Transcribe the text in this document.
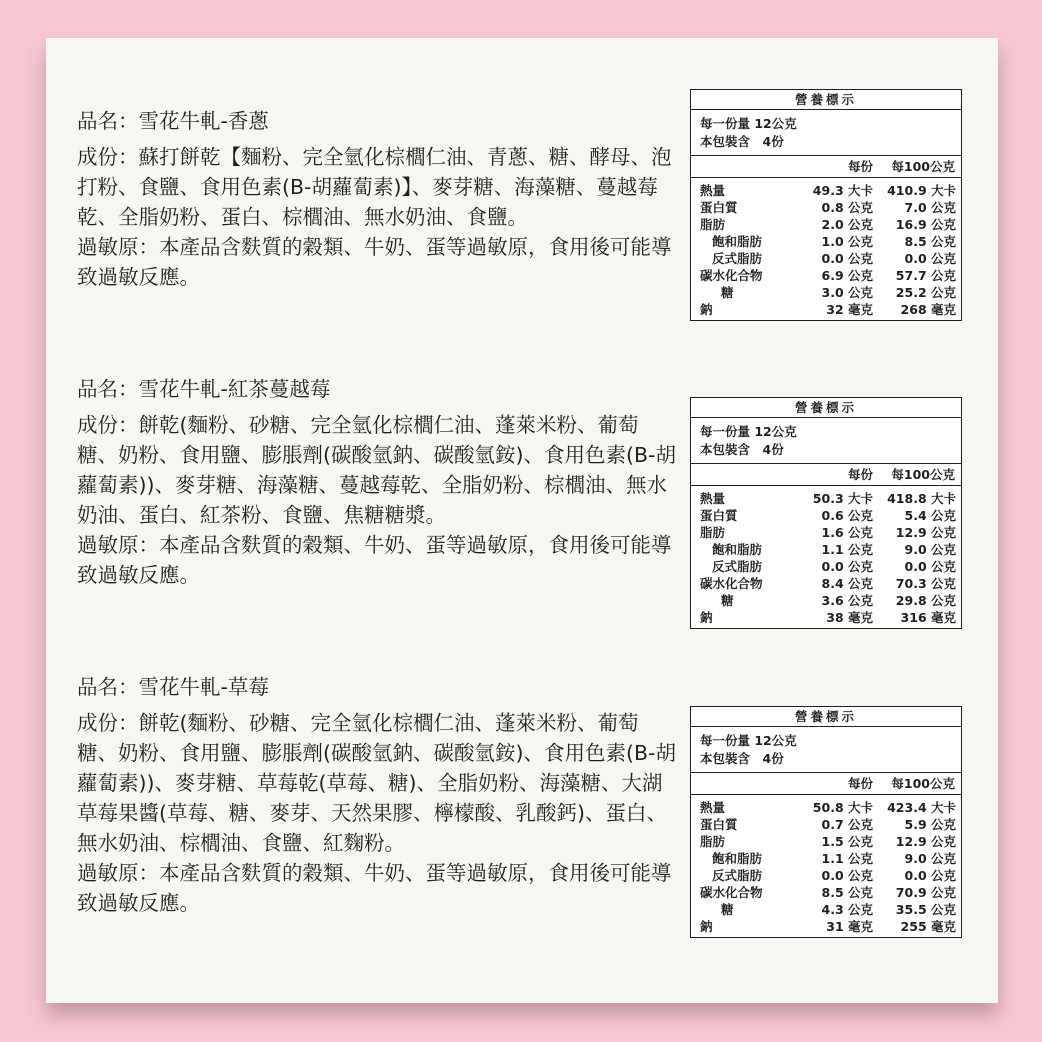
品名：雪花牛軋-香蔥

成份：蘇打餅乾【麵粉、完全氫化棕櫚仁油、青蔥、糖、酵母、泡打粉、食鹽、食用色素(B-胡蘿蔔素)】、麥芽糖、海藻糖、蔓越莓乾、全脂奶粉、蛋白、棕櫚油、無水奶油、食鹽。

過敏原：本產品含麩質的穀類、牛奶、蛋等過敏原，食用後可能導致過敏反應。

營養標示
每一份量 12公克
本包裝含　4份
每份	每100公克
熱量	49.3 大卡	410.9 大卡
蛋白質	0.8 公克	7.0 公克
脂肪	2.0 公克	16.9 公克
飽和脂肪	1.0 公克	8.5 公克
反式脂肪	0.0 公克	0.0 公克
碳水化合物	6.9 公克	57.7 公克
糖	3.0 公克	25.2 公克
鈉	32 毫克	268 毫克

品名：雪花牛軋-紅茶蔓越莓

成份：餅乾(麵粉、砂糖、完全氫化棕櫚仁油、蓬萊米粉、葡萄糖、奶粉、食用鹽、膨脹劑(碳酸氫鈉、碳酸氫銨)、食用色素(B-胡蘿蔔素))、麥芽糖、海藻糖、蔓越莓乾、全脂奶粉、棕櫚油、無水奶油、蛋白、紅茶粉、食鹽、焦糖糖漿。

過敏原：本產品含麩質的穀類、牛奶、蛋等過敏原，食用後可能導致過敏反應。

營養標示
每一份量 12公克
本包裝含　4份
每份	每100公克
熱量	50.3 大卡	418.8 大卡
蛋白質	0.6 公克	5.4 公克
脂肪	1.6 公克	12.9 公克
飽和脂肪	1.1 公克	9.0 公克
反式脂肪	0.0 公克	0.0 公克
碳水化合物	8.4 公克	70.3 公克
糖	3.6 公克	29.8 公克
鈉	38 毫克	316 毫克

品名：雪花牛軋-草莓

成份：餅乾(麵粉、砂糖、完全氫化棕櫚仁油、蓬萊米粉、葡萄糖、奶粉、食用鹽、膨脹劑(碳酸氫鈉、碳酸氫銨)、食用色素(B-胡蘿蔔素))、麥芽糖、草莓乾(草莓、糖)、全脂奶粉、海藻糖、大湖草莓果醬(草莓、糖、麥芽、天然果膠、檸檬酸、乳酸鈣)、蛋白、無水奶油、棕櫚油、食鹽、紅麴粉。

過敏原：本產品含麩質的穀類、牛奶、蛋等過敏原，食用後可能導致過敏反應。

營養標示
每一份量 12公克
本包裝含　4份
每份	每100公克
熱量	50.8 大卡	423.4 大卡
蛋白質	0.7 公克	5.9 公克
脂肪	1.5 公克	12.9 公克
飽和脂肪	1.1 公克	9.0 公克
反式脂肪	0.0 公克	0.0 公克
碳水化合物	8.5 公克	70.9 公克
糖	4.3 公克	35.5 公克
鈉	31 毫克	255 毫克
